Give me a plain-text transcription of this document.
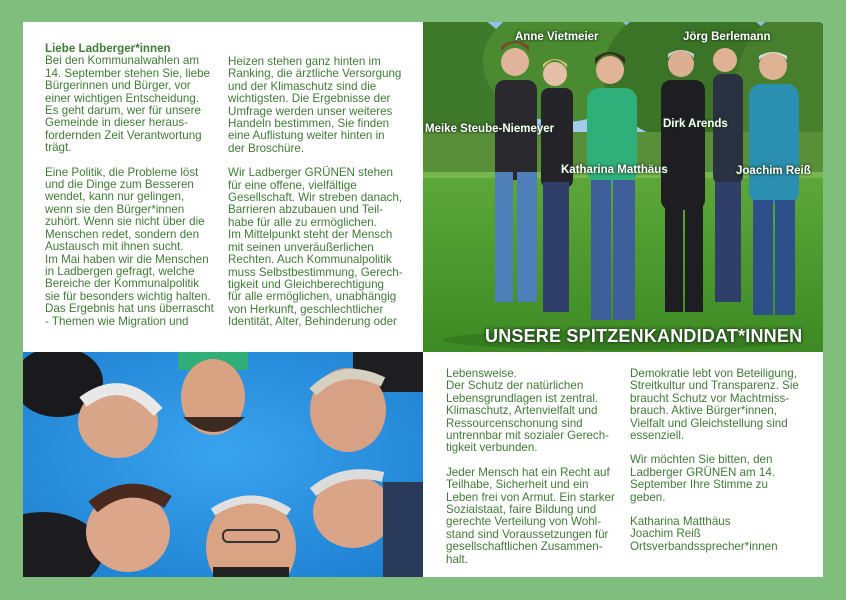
Liebe Ladberger*innen

Bei den Kommunalwahlen am
14. September stehen Sie, liebe
Bürgerinnen und Bürger, vor
einer wichtigen Entscheidung.
Es geht darum, wer für unsere
Gemeinde in dieser heraus-
fordernden Zeit Verantwortung
trägt.

Eine Politik, die Probleme löst
und die Dinge zum Besseren
wendet, kann nur gelingen,
wenn sie den Bürger*innen
zuhört. Wenn sie nicht über die
Menschen redet, sondern den
Austausch mit ihnen sucht.
Im Mai haben wir die Menschen
in Ladbergen gefragt, welche
Bereiche der Kommunalpolitik
sie für besonders wichtig halten.
Das Ergebnis hat uns überrascht
- Themen wie Migration und

Heizen stehen ganz hinten im
Ranking, die ärztliche Versorgung
und der Klimaschutz sind die
wichtigsten. Die Ergebnisse der
Umfrage werden unser weiteres
Handeln bestimmen, Sie finden
eine Auflistung weiter hinten in
der Broschüre.

Wir Ladberger GRÜNEN stehen
für eine offene, vielfältige
Gesellschaft. Wir streben danach,
Barrieren abzubauen und Teil-
habe für alle zu ermöglichen.
Im Mittelpunkt steht der Mensch
mit seinen unveräußerlichen
Rechten. Auch Kommunalpolitik
muss Selbstbestimmung, Gerech-
tigkeit und Gleichberechtigung
für alle ermöglichen, unabhängig
von Herkunft, geschlechtlicher
Identität, Alter, Behinderung oder

Anne Vietmeier	Jörg Berlemann
Meike Steube-Niemeyer	Dirk Arends
Katharina Matthäus	Joachim Reiß
UNSERE SPITZENKANDIDAT*INNEN

Lebensweise.
Der Schutz der natürlichen
Lebensgrundlagen ist zentral.
Klimaschutz, Artenvielfalt und
Ressourcenschonung sind
untrennbar mit sozialer Gerech-
tigkeit verbunden.

Jeder Mensch hat ein Recht auf
Teilhabe, Sicherheit und ein
Leben frei von Armut. Ein starker
Sozialstaat, faire Bildung und
gerechte Verteilung von Wohl-
stand sind Voraussetzungen für
gesellschaftlichen Zusammen-
halt.

Demokratie lebt von Beteiligung,
Streitkultur und Transparenz. Sie
braucht Schutz vor Machtmiss-
brauch. Aktive Bürger*innen,
Vielfalt und Gleichstellung sind
essenziell.

Wir möchten Sie bitten, den
Ladberger GRÜNEN am 14.
September Ihre Stimme zu
geben.

Katharina Matthäus
Joachim Reiß
Ortsverbandssprecher*innen
